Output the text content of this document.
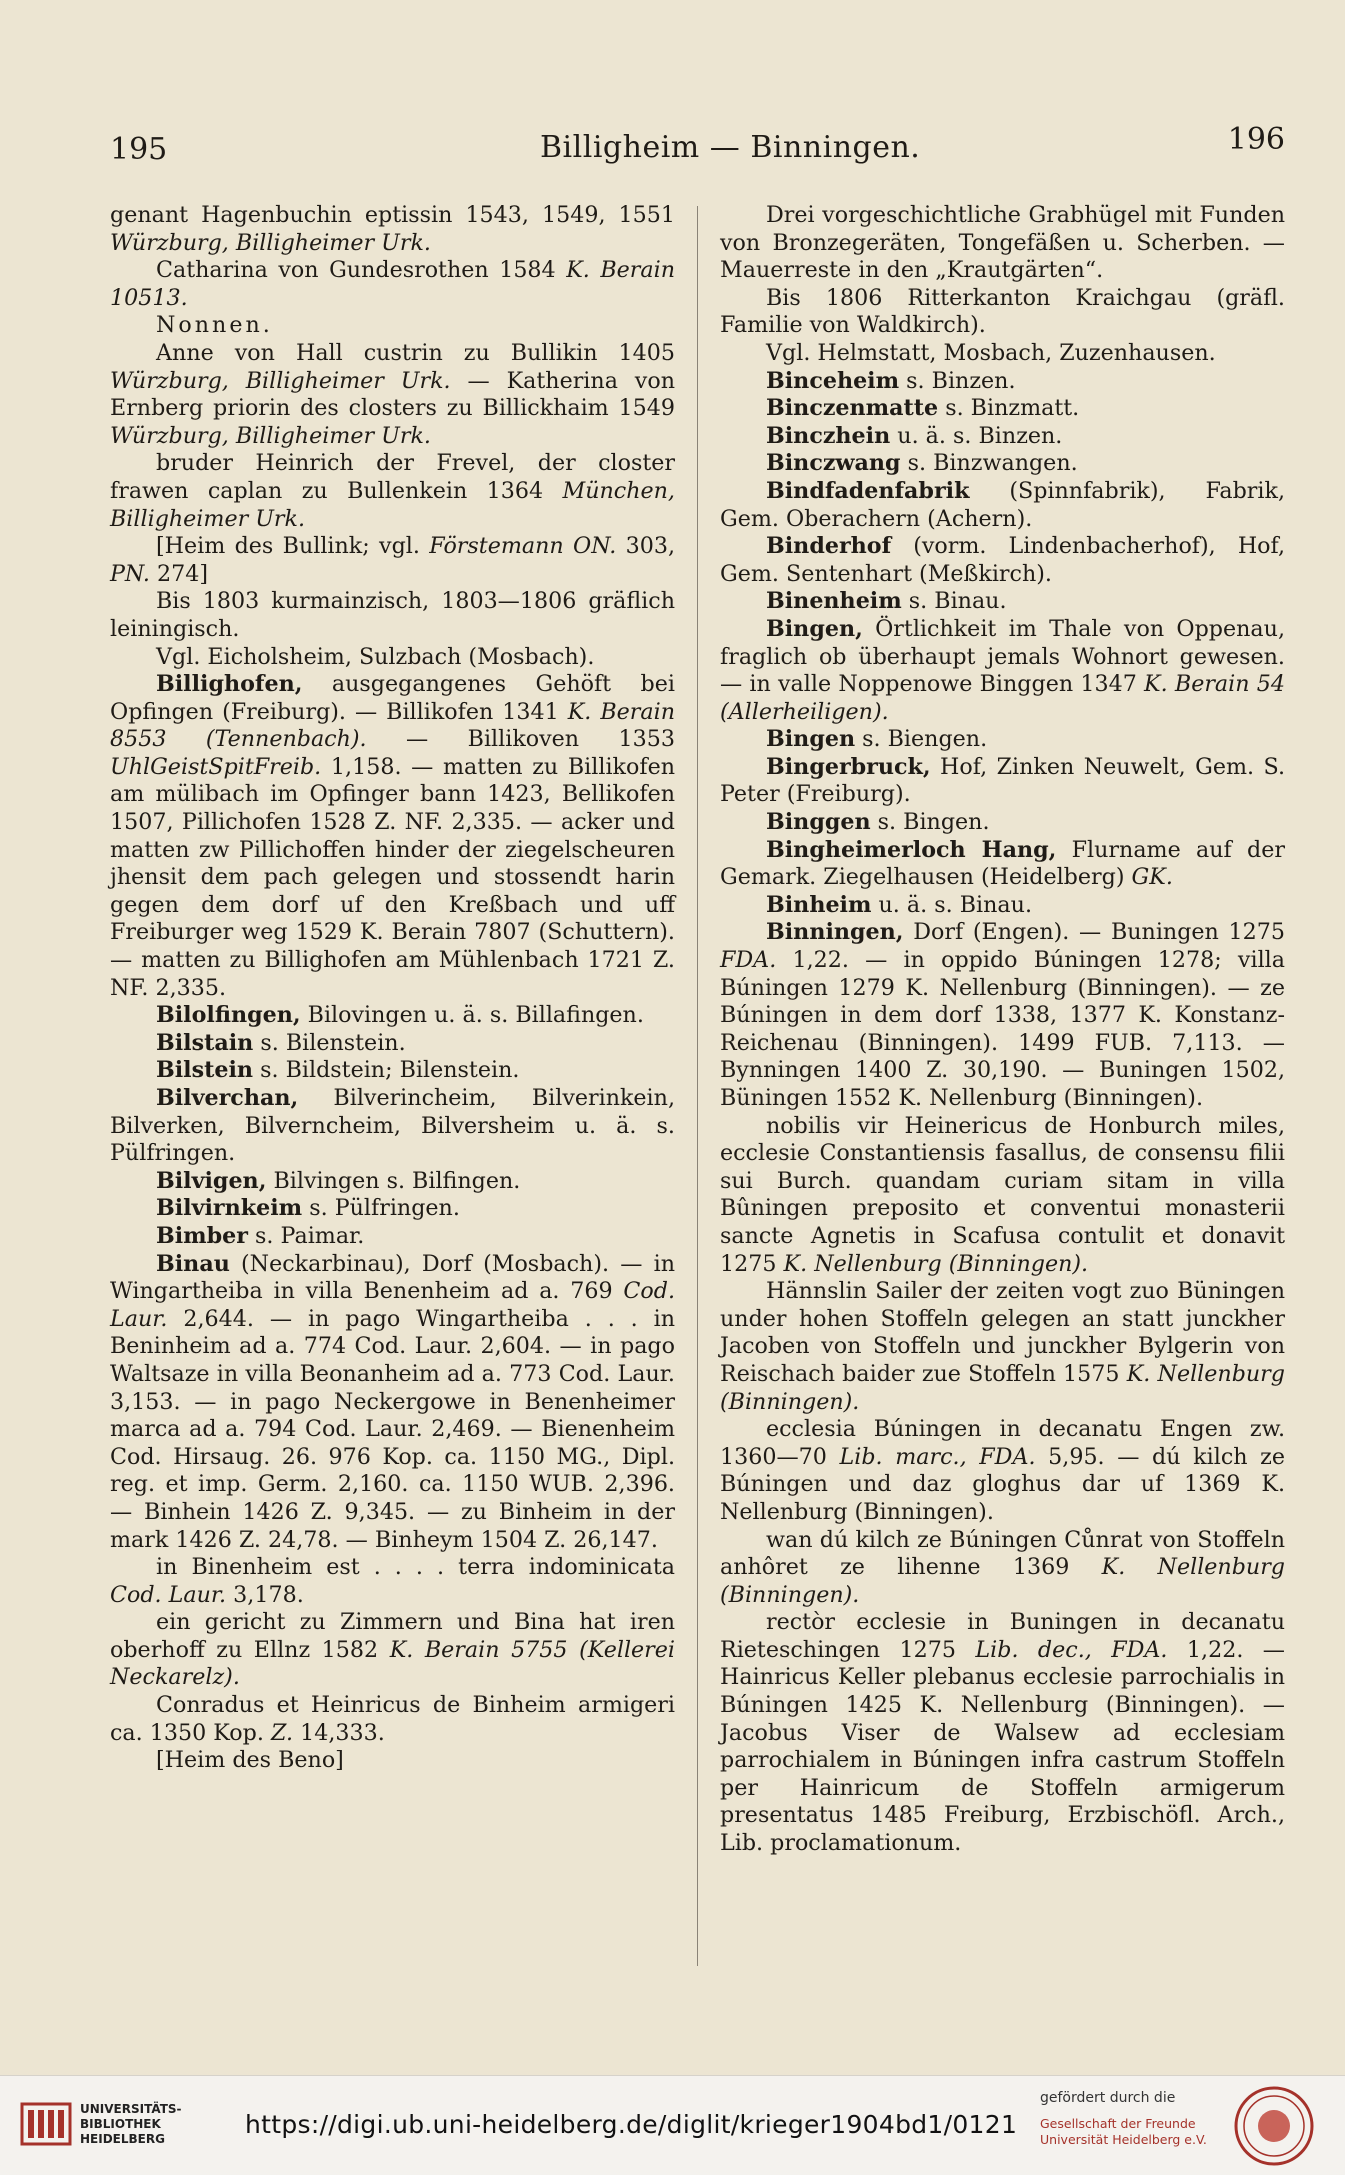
195	Billigheim — Binningen.	196

genant Hagenbuchin eptissin 1543, 1549, 1551 Würzburg, Billigheimer Urk.

Catharina von Gundesrothen 1584 K. Berain 10513.

Nonnen.

Anne von Hall custrin zu Bullikin 1405 Würzburg, Billigheimer Urk. — Katherina von Ernberg priorin des closters zu Billickhaim 1549 Würzburg, Billigheimer Urk.

bruder Heinrich der Frevel, der closter frawen caplan zu Bullenkein 1364 München, Billigheimer Urk.

[Heim des Bullink; vgl. Förstemann ON. 303, PN. 274]

Bis 1803 kurmainzisch, 1803—1806 gräflich leiningisch.

Vgl. Eicholsheim, Sulzbach (Mosbach).

Billighofen, ausgegangenes Gehöft bei Opfingen (Freiburg). — Billikofen 1341 K. Berain 8553 (Tennenbach). — Billikoven 1353 UhlGeistSpitFreib. 1,158. — matten zu Billikofen am mülibach im Opfinger bann 1423, Bellikofen 1507, Pillichofen 1528 Z. NF. 2,335. — acker und matten zw Pillichoffen hinder der ziegelscheuren jhensit dem pach gelegen und stossendt harin gegen dem dorf uf den Kreßbach und uff Freiburger weg 1529 K. Berain 7807 (Schuttern). — matten zu Billighofen am Mühlenbach 1721 Z. NF. 2,335.

Bilolfingen, Bilovingen u. ä. s. Billafingen.

Bilstain s. Bilenstein.

Bilstein s. Bildstein; Bilenstein.

Bilverchan, Bilverincheim, Bilverinkein, Bilverken, Bilverncheim, Bilversheim u. ä. s. Pülfringen.

Bilvigen, Bilvingen s. Bilfingen.

Bilvirnkeim s. Pülfringen.

Bimber s. Paimar.

Binau (Neckarbinau), Dorf (Mosbach). — in Wingartheiba in villa Benenheim ad a. 769 Cod. Laur. 2,644. — in pago Wingartheiba . . . in Beninheim ad a. 774 Cod. Laur. 2,604. — in pago Waltsaze in villa Beonanheim ad a. 773 Cod. Laur. 3,153. — in pago Neckergowe in Benenheimer marca ad a. 794 Cod. Laur. 2,469. — Bienenheim Cod. Hirsaug. 26. 976 Kop. ca. 1150 MG., Dipl. reg. et imp. Germ. 2,160. ca. 1150 WUB. 2,396. — Binhein 1426 Z. 9,345. — zu Binheim in der mark 1426 Z. 24,78. — Binheym 1504 Z. 26,147.

in Binenheim est . . . . terra indominicata Cod. Laur. 3,178.

ein gericht zu Zimmern und Bina hat iren oberhoff zu Ellnz 1582 K. Berain 5755 (Kellerei Neckarelz).

Conradus et Heinricus de Binheim armigeri ca. 1350 Kop. Z. 14,333.

[Heim des Beno]

Drei vorgeschichtliche Grabhügel mit Funden von Bronzegeräten, Tongefäßen u. Scherben. — Mauerreste in den „Krautgärten“.

Bis 1806 Ritterkanton Kraichgau (gräfl. Familie von Waldkirch).

Vgl. Helmstatt, Mosbach, Zuzenhausen.

Binceheim s. Binzen.

Binczenmatte s. Binzmatt.

Binczhein u. ä. s. Binzen.

Binczwang s. Binzwangen.

Bindfadenfabrik (Spinnfabrik), Fabrik, Gem. Oberachern (Achern).

Binderhof (vorm. Lindenbacherhof), Hof, Gem. Sentenhart (Meßkirch).

Binenheim s. Binau.

Bingen, Örtlichkeit im Thale von Oppenau, fraglich ob überhaupt jemals Wohnort gewesen. — in valle Noppenowe Binggen 1347 K. Berain 54 (Allerheiligen).

Bingen s. Biengen.

Bingerbruck, Hof, Zinken Neuwelt, Gem. S. Peter (Freiburg).

Binggen s. Bingen.

Bingheimerloch Hang, Flurname auf der Gemark. Ziegelhausen (Heidelberg) GK.

Binheim u. ä. s. Binau.

Binningen, Dorf (Engen). — Buningen 1275 FDA. 1,22. — in oppido Búningen 1278; villa Búningen 1279 K. Nellenburg (Binningen). — ze Búningen in dem dorf 1338, 1377 K. Konstanz-Reichenau (Binningen). 1499 FUB. 7,113. — Bynningen 1400 Z. 30,190. — Buningen 1502, Büningen 1552 K. Nellenburg (Binningen).

nobilis vir Heinericus de Honburch miles, ecclesie Constantiensis fasallus, de consensu filii sui Burch. quandam curiam sitam in villa Bûningen preposito et conventui monasterii sancte Agnetis in Scafusa contulit et donavit 1275 K. Nellenburg (Binningen).

Hännslin Sailer der zeiten vogt zuo Büningen under hohen Stoffeln gelegen an statt junckher Jacoben von Stoffeln und junckher Bylgerin von Reischach baider zue Stoffeln 1575 K. Nellenburg (Binningen).

ecclesia Búningen in decanatu Engen zw. 1360—70 Lib. marc., FDA. 5,95. — dú kilch ze Búningen und daz gloghus dar uf 1369 K. Nellenburg (Binningen).

wan dú kilch ze Búningen Cůnrat von Stoffeln anhôret ze lihenne 1369 K. Nellenburg (Binningen).

rectòr ecclesie in Buningen in decanatu Rieteschingen 1275 Lib. dec., FDA. 1,22. — Hainricus Keller plebanus ecclesie parrochialis in Búningen 1425 K. Nellenburg (Binningen). — Jacobus Viser de Walsew ad ecclesiam parrochialem in Búningen infra castrum Stoffeln per Hainricum de Stoffeln armigerum presentatus 1485 Freiburg, Erzbischöfl. Arch., Lib. proclamationum.

UNIVERSITÄTS-
BIBLIOTHEK
HEIDELBERG	https://digi.ub.uni-heidelberg.de/diglit/krieger1904bd1/0121
gefördert durch die
Gesellschaft der Freunde
Universität Heidelberg e.V.
